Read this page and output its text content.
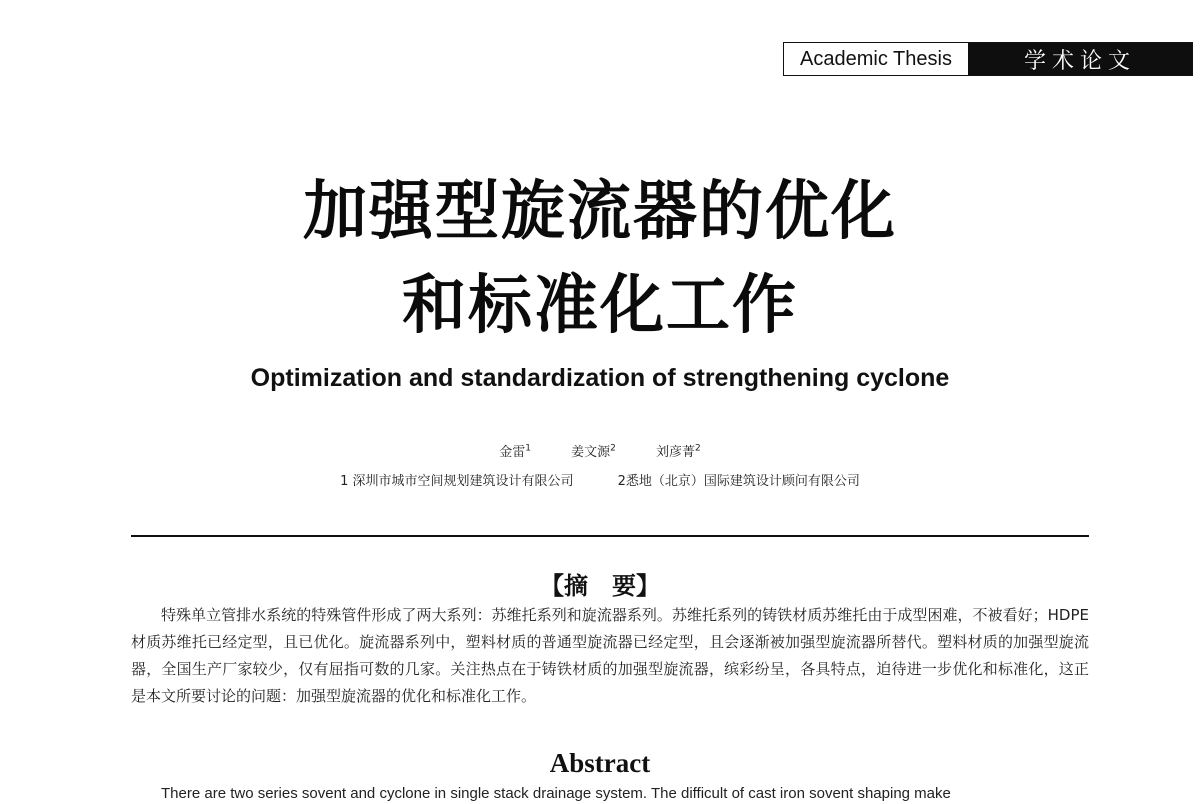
Academic Thesis	学术论文
加强型旋流器的优化
和标准化工作
Optimization and standardization of strengthening cyclone
金雷$^1$	姜文源$^2$	刘彦菁$^2$
1 深圳市城市空间规划建筑设计有限公司	2悉地（北京）国际建筑设计顾问有限公司
【摘　要】

特殊单立管排水系统的特殊管件形成了两大系列：苏维托系列和旋流器系列。苏维托系列的铸铁材质苏维托由于成型困难，不被看好；HDPE材质苏维托已经定型，且已优化。旋流器系列中，塑料材质的普通型旋流器已经定型，且会逐渐被加强型旋流器所替代。塑料材质的加强型旋流器，全国生产厂家较少，仅有屈指可数的几家。关注热点在于铸铁材质的加强型旋流器，缤彩纷呈，各具特点，迫待进一步优化和标准化，这正是本文所要讨论的问题：加强型旋流器的优化和标准化工作。

Abstract

There are two series sovent and cyclone in single stack drainage system. The difficult of cast iron sovent shaping make
